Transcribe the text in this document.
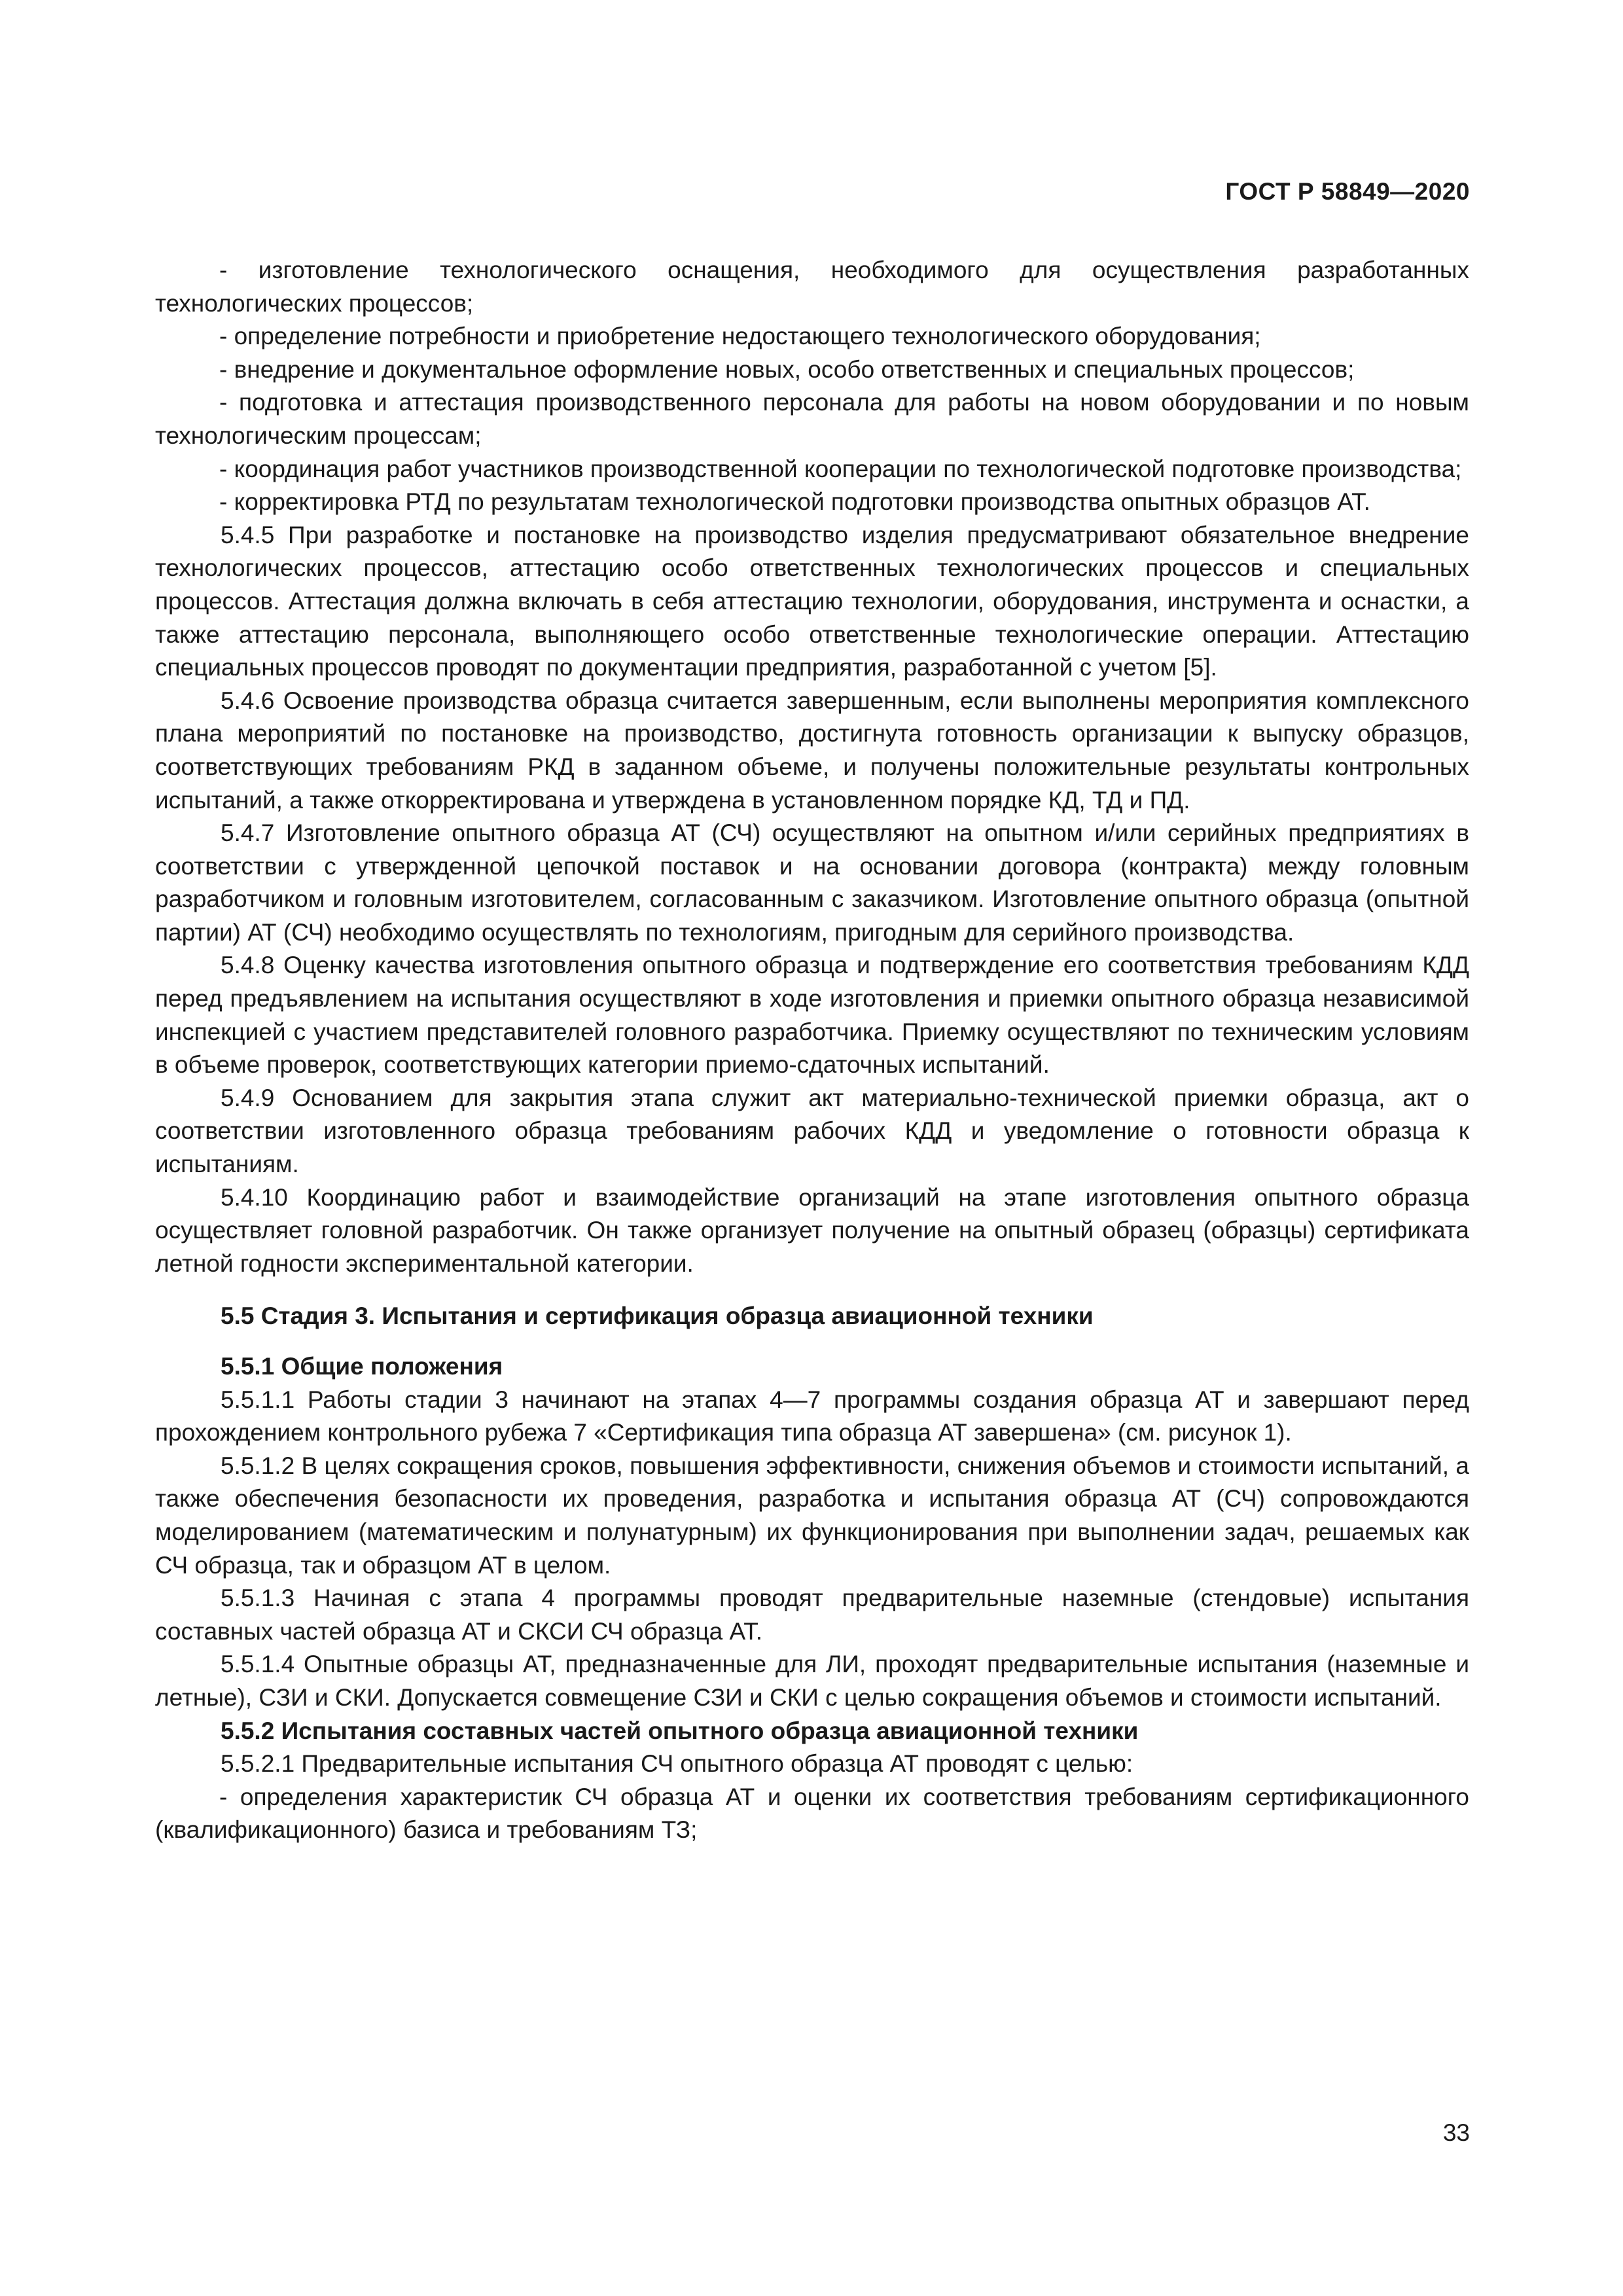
ГОСТ Р 58849—2020

- изготовление технологического оснащения, необходимого для осуществления разработанных технологических процессов;

- определение потребности и приобретение недостающего технологического оборудования;

- внедрение и документальное оформление новых, особо ответственных и специальных процессов;

- подготовка и аттестация производственного персонала для работы на новом оборудовании и по новым технологическим процессам;

- координация работ участников производственной кооперации по технологической подготовке производства;

- корректировка РТД по результатам технологической подготовки производства опытных образцов АТ.

5.4.5 При разработке и постановке на производство изделия предусматривают обязательное внедрение технологических процессов, аттестацию особо ответственных технологических процессов и специальных процессов. Аттестация должна включать в себя аттестацию технологии, оборудования, инструмента и оснастки, а также аттестацию персонала, выполняющего особо ответственные технологические операции. Аттестацию специальных процессов проводят по документации предприятия, разработанной с учетом [5].

5.4.6 Освоение производства образца считается завершенным, если выполнены мероприятия комплексного плана мероприятий по постановке на производство, достигнута готовность организации к выпуску образцов, соответствующих требованиям РКД в заданном объеме, и получены положительные результаты контрольных испытаний, а также откорректирована и утверждена в установленном порядке КД, ТД и ПД.

5.4.7 Изготовление опытного образца АТ (СЧ) осуществляют на опытном и/или серийных предприятиях в соответствии с утвержденной цепочкой поставок и на основании договора (контракта) между головным разработчиком и головным изготовителем, согласованным с заказчиком. Изготовление опытного образца (опытной партии) АТ (СЧ) необходимо осуществлять по технологиям, пригодным для серийного производства.

5.4.8 Оценку качества изготовления опытного образца и подтверждение его соответствия требованиям КДД перед предъявлением на испытания осуществляют в ходе изготовления и приемки опытного образца независимой инспекцией с участием представителей головного разработчика. Приемку осуществляют по техническим условиям в объеме проверок, соответствующих категории приемо-сдаточных испытаний.

5.4.9 Основанием для закрытия этапа служит акт материально-технической приемки образца, акт о соответствии изготовленного образца требованиям рабочих КДД и уведомление о готовности образца к испытаниям.

5.4.10 Координацию работ и взаимодействие организаций на этапе изготовления опытного образца осуществляет головной разработчик. Он также организует получение на опытный образец (образцы) сертификата летной годности экспериментальной категории.

5.5 Стадия 3. Испытания и сертификация образца авиационной техники

5.5.1 Общие положения

5.5.1.1 Работы стадии 3 начинают на этапах 4—7 программы создания образца АТ и завершают перед прохождением контрольного рубежа 7 «Сертификация типа образца АТ завершена» (см. рисунок 1).

5.5.1.2 В целях сокращения сроков, повышения эффективности, снижения объемов и стоимости испытаний, а также обеспечения безопасности их проведения, разработка и испытания образца АТ (СЧ) сопровождаются моделированием (математическим и полунатурным) их функционирования при выполнении задач, решаемых как СЧ образца, так и образцом АТ в целом.

5.5.1.3 Начиная с этапа 4 программы проводят предварительные наземные (стендовые) испытания составных частей образца АТ и СКСИ СЧ образца АТ.

5.5.1.4 Опытные образцы АТ, предназначенные для ЛИ, проходят предварительные испытания (наземные и летные), СЗИ и СКИ. Допускается совмещение СЗИ и СКИ с целью сокращения объемов и стоимости испытаний.

5.5.2 Испытания составных частей опытного образца авиационной техники

5.5.2.1 Предварительные испытания СЧ опытного образца АТ проводят с целью:

- определения характеристик СЧ образца АТ и оценки их соответствия требованиям сертификационного (квалификационного) базиса и требованиям ТЗ;

33
